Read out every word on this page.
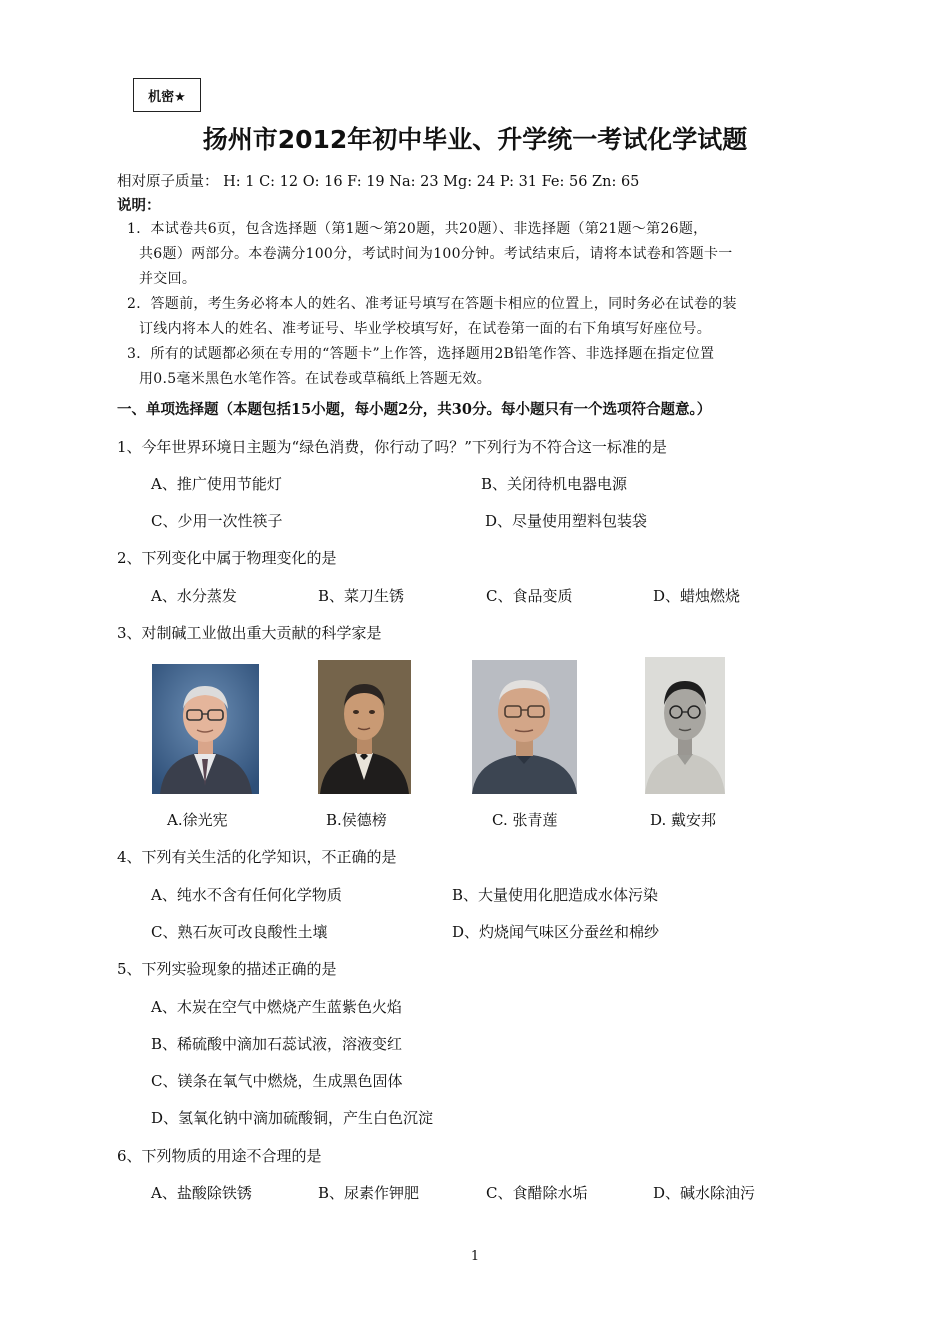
机密★
扬州市2012年初中毕业、升学统一考试化学试题
相对原子质量： H: 1 C: 12 O: 16 F: 19 Na: 23 Mg: 24 P: 31 Fe: 56 Zn: 65
说明：
1．本试卷共6页，包含选择题（第1题～第20题，共20题）、非选择题（第21题～第26题，
共6题）两部分。本卷满分100分，考试时间为100分钟。考试结束后，请将本试卷和答题卡一
并交回。
2．答题前，考生务必将本人的姓名、准考证号填写在答题卡相应的位置上，同时务必在试卷的装
订线内将本人的姓名、准考证号、毕业学校填写好，在试卷第一面的右下角填写好座位号。
3．所有的试题都必须在专用的“答题卡”上作答，选择题用2B铅笔作答、非选择题在指定位置
用0.5毫米黑色水笔作答。在试卷或草稿纸上答题无效。
一、单项选择题（本题包括15小题，每小题2分，共30分。每小题只有一个选项符合题意。）
1、今年世界环境日主题为“绿色消费，你行动了吗？”下列行为不符合这一标准的是
A、推广使用节能灯	B、关闭待机电器电源
C、少用一次性筷子	D、尽量使用塑料包装袋
2、下列变化中属于物理变化的是
A、水分蒸发	B、菜刀生锈	C、食品变质	D、蜡烛燃烧
3、对制碱工业做出重大贡献的科学家是
A.徐光宪	B.侯德榜	C. 张青莲	D. 戴安邦
4、下列有关生活的化学知识，不正确的是
A、纯水不含有任何化学物质	B、大量使用化肥造成水体污染
C、熟石灰可改良酸性土壤	D、灼烧闻气味区分蚕丝和棉纱
5、下列实验现象的描述正确的是
A、木炭在空气中燃烧产生蓝紫色火焰
B、稀硫酸中滴加石蕊试液，溶液变红
C、镁条在氧气中燃烧，生成黑色固体
D、氢氧化钠中滴加硫酸铜，产生白色沉淀
6、下列物质的用途不合理的是
A、盐酸除铁锈	B、尿素作钾肥	C、食醋除水垢	D、碱水除油污
1
